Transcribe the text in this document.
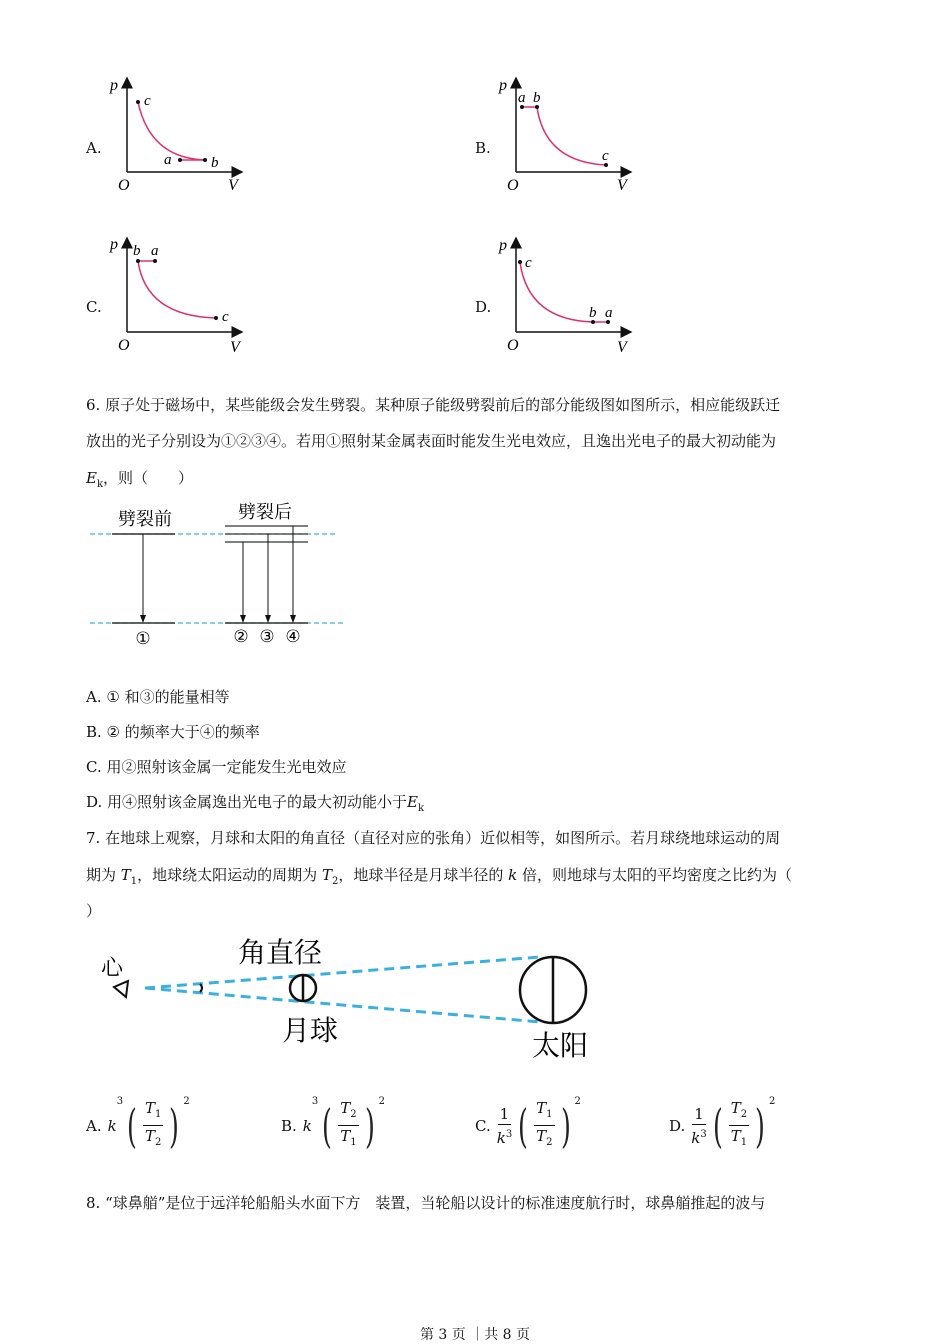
A.	B.
C.	D.
p
O	V
c
a	b
p
O	V
a b
c
p
O	V
b a
c
p
O	V
c
b a
6. 原子处于磁场中，某些能级会发生劈裂。某种原子能级劈裂前后的部分能级图如图所示，相应能级跃迁
放出的光子分别设为①②③④。若用①照射某金属表面时能发生光电效应，且逸出光电子的最大初动能为
$E_k$，则（　　）
劈裂前	劈裂后
①	② ③ ④
A. ① 和③的能量相等
B. ② 的频率大于④的频率
C. 用②照射该金属一定能发生光电效应
D. 用④照射该金属逸出光电子的最大初动能小于$E_k$
7. 在地球上观察，月球和太阳的角直径（直径对应的张角）近似相等，如图所示。若月球绕地球运动的周
期为 $T_1$，地球绕太阳运动的周期为 $T_2$，地球半径是月球半径的 k 倍，则地球与太阳的平均密度之比约为（
）
心	角直径
月球	太阳
A. k
3 ( $\frac{T_1}{T_2}$ ) $^2$
B. k
3 ( $\frac{T_2}{T_1}$ ) $^2$
C. $\frac{1}{k^3}$ ( $\frac{T_1}{T_2}$ ) $^2$
D. $\frac{1}{k^3}$ ( $\frac{T_2}{T_1}$ ) $^2$
8. “球鼻艏”是位于远洋轮船船头水面下方　装置，当轮船以设计的标准速度航行时，球鼻艏推起的波与
第 3 页 ｜共 8 页
